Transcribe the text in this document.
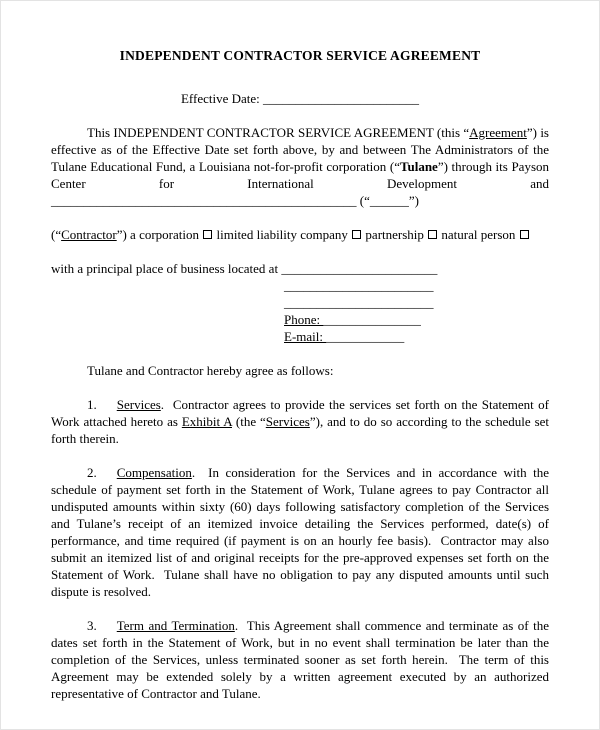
INDEPENDENT CONTRACTOR SERVICE AGREEMENT

Effective Date: ________________________

This INDEPENDENT CONTRACTOR SERVICE AGREEMENT (this “Agreement”) is effective as of the Effective Date set forth above, by and between The Administrators of the Tulane Educational Fund, a Louisiana not-for-profit corporation (“Tulane”) through its Payson Center for International Development and _______________________________________________ (“______”)

(“Contractor”) a corporation  limited liability company  partnership  natural person

with a principal place of business located at ________________________

_______________________

_______________________

Phone: _______________

E-mail: ____________

Tulane and Contractor hereby agree as follows:

1. Services.  Contractor agrees to provide the services set forth on the Statement of Work attached hereto as Exhibit A (the “Services”), and to do so according to the schedule set forth therein.

2. Compensation.  In consideration for the Services and in accordance with the schedule of payment set forth in the Statement of Work, Tulane agrees to pay Contractor all undisputed amounts within sixty (60) days following satisfactory completion of the Services and Tulane’s receipt of an itemized invoice detailing the Services performed, date(s) of performance, and time required (if payment is on an hourly fee basis).  Contractor may also submit an itemized list of and original receipts for the pre-approved expenses set forth on the Statement of Work.  Tulane shall have no obligation to pay any disputed amounts until such dispute is resolved.

3. Term and Termination.  This Agreement shall commence and terminate as of the dates set forth in the Statement of Work, but in no event shall termination be later than the completion of the Services, unless terminated sooner as set forth herein.  The term of this Agreement may be extended solely by a written agreement executed by an authorized representative of Contractor and Tulane.
